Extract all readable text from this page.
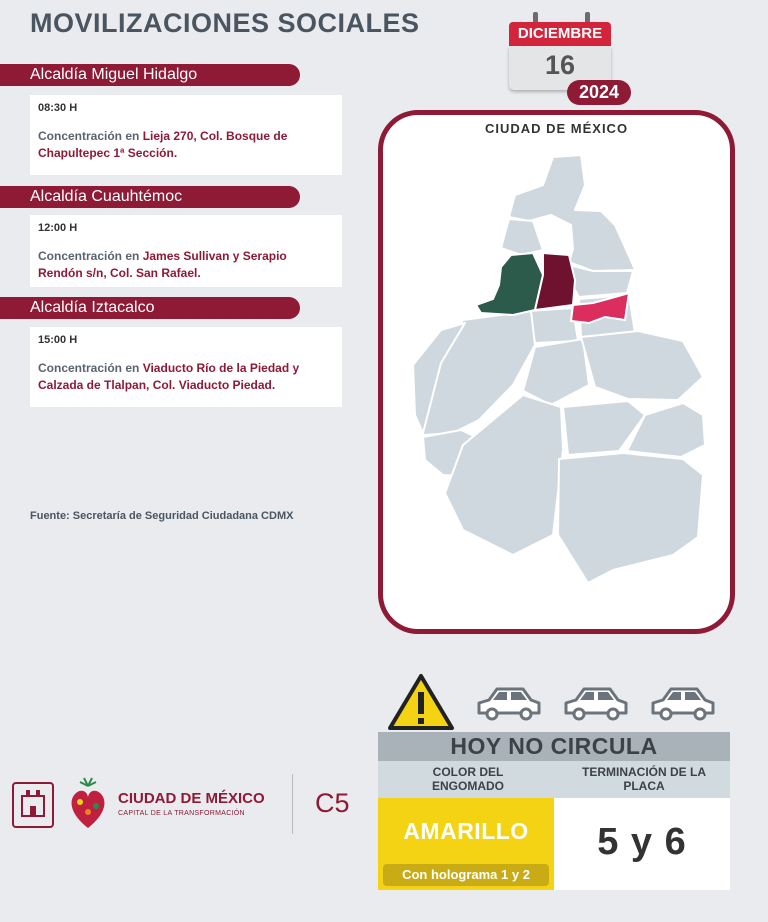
MOVILIZACIONES SOCIALES	DICIEMBRE
16
2024
Alcaldía Miguel Hidalgo
08:30 H
Concentración en Lieja 270, Col. Bosque de Chapultepec 1ª Sección.
Alcaldía Cuauhtémoc
12:00 H
Concentración en James Sullivan y Serapio Rendón s/n, Col. San Rafael.
Alcaldía Iztacalco
15:00 H
Concentración en Viaducto Río de la Piedad y Calzada de Tlalpan, Col. Viaducto Piedad.
Fuente: Secretaría de Seguridad Ciudadana CDMX
CIUDAD DE MÉXICO
CIUDAD DE MÉXICO
CAPITAL DE LA TRANSFORMACIÓN	C5
HOY NO CIRCULA
COLOR DEL ENGOMADO
TERMINACIÓN DE LA PLACA
AMARILLO
Con holograma 1 y 2
5 y 6
